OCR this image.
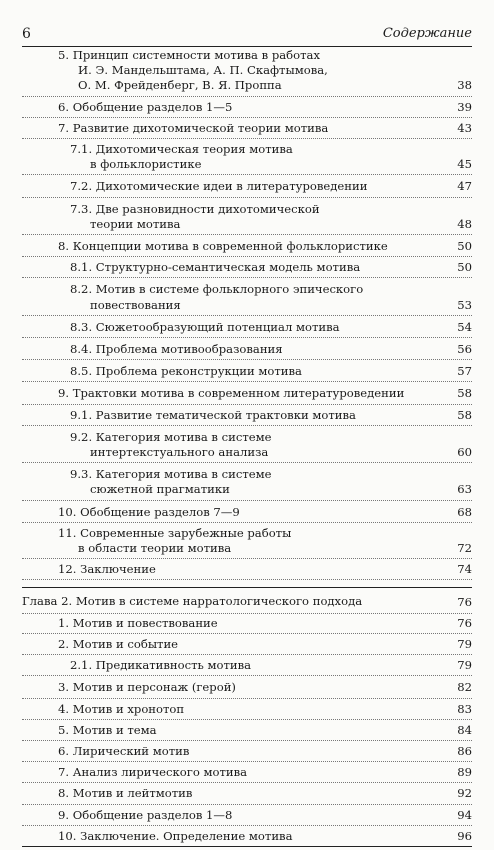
6	Содержание
5. Принцип системности мотива в работах
И. Э. Мандельштама, А. П. Скафтымова,
О. М. Фрейденберг, В. Я. Проппа	38
6. Обобщение разделов 1—5	39
7. Развитие дихотомической теории мотива	43
7.1. Дихотомическая теория мотива
в фольклористике	45
7.2. Дихотомические идеи в литературоведении	47
7.3. Две разновидности дихотомической
теории мотива	48
8. Концепции мотива в современной фольклористике	50
8.1. Структурно-семантическая модель мотива	50
8.2. Мотив в системе фольклорного эпического
повествования	53
8.3. Сюжетообразующий потенциал мотива	54
8.4. Проблема мотивообразования	56
8.5. Проблема реконструкции мотива	57
9. Трактовки мотива в современном литературоведении	58
9.1. Развитие тематической трактовки мотива	58
9.2. Категория мотива в системе
интертекстуального анализа	60
9.3. Категория мотива в системе
сюжетной прагматики	63
10. Обобщение разделов 7—9	68
11. Современные зарубежные работы
в области теории мотива	72
12. Заключение	74
Глава 2. Мотив в системе нарратологического подхода	76
1. Мотив и повествование	76
2. Мотив и событие	79
2.1. Предикативность мотива	79
3. Мотив и персонаж (герой)	82
4. Мотив и хронотоп	83
5. Мотив и тема	84
6. Лирический мотив	86
7. Анализ лирического мотива	89
8. Мотив и лейтмотив	92
9. Обобщение разделов 1—8	94
10. Заключение. Определение мотива	96
